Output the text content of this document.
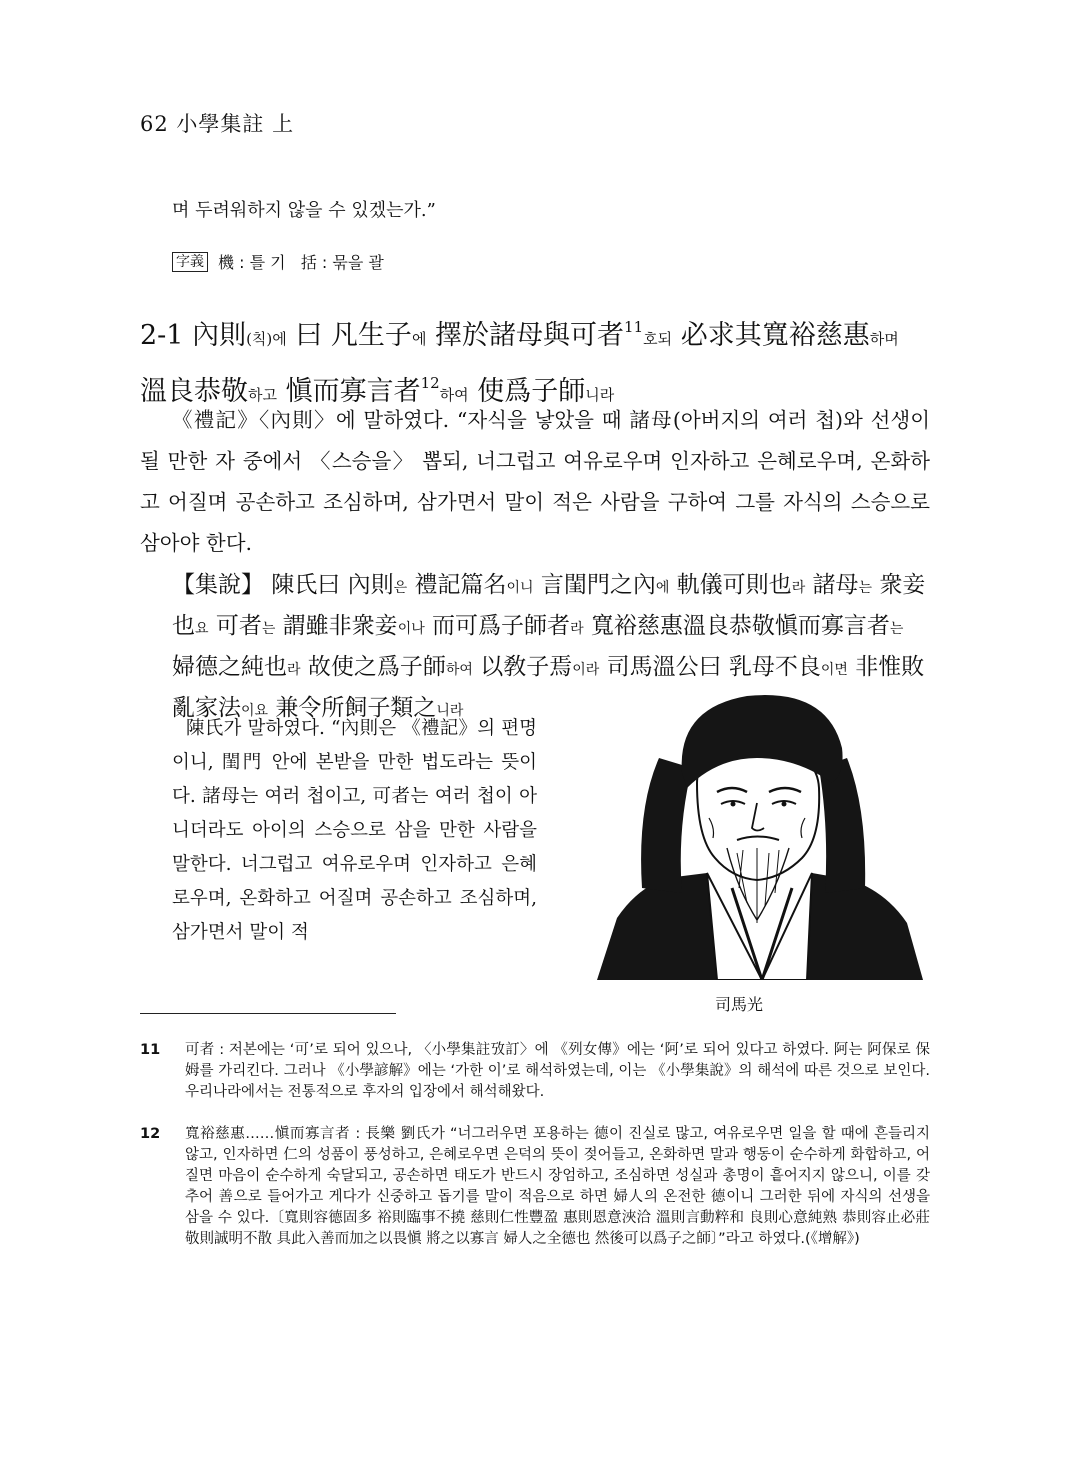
62 小學集註 上
며 두려워하지 않을 수 있겠는가.”
字義 機 : 틀 기   括 : 묶을 괄
2-1 內則(칙)에 曰 凡生子에 擇於諸母與可者$^{11}$호되 必求其寬裕慈惠하며 溫良恭敬하고 愼而寡言者$^{12}$하여 使爲子師니라
《禮記》〈內則〉에 말하였다. “자식을 낳았을 때 諸母(아버지의 여러 첩)와 선생이 될 만한 자 중에서 〈스승을〉 뽑되, 너그럽고 여유로우며 인자하고 은혜로우며, 온화하고 어질며 공손하고 조심하며, 삼가면서 말이 적은 사람을 구하여 그를 자식의 스승으로 삼아야 한다.
【集說】 陳氏曰 內則은 禮記篇名이니 言閨門之內에 軌儀可則也라 諸母는 衆妾也요 可者는 謂雖非衆妾이나 而可爲子師者라 寬裕慈惠溫良恭敬愼而寡言者는 婦德之純也라 故使之爲子師하여 以敎子焉이라 司馬溫公曰 乳母不良이면 非惟敗亂家法이요 兼令所飼子類之니라
陳氏가 말하였다. “內則은 《禮記》의 편명이니, 閨門 안에 본받을 만한 법도라는 뜻이다. 諸母는 여러 첩이고, 可者는 여러 첩이 아니더라도 아이의 스승으로 삼을 만한 사람을 말한다. 너그럽고 여유로우며 인자하고 은혜로우며, 온화하고 어질며 공손하고 조심하며, 삼가면서 말이 적
司馬光
11	可者 : 저본에는 ‘可’로 되어 있으나, 〈小學集註攷訂〉에 《列女傳》에는 ‘阿’로 되어 있다고 하였다. 阿는 阿保로 保姆를 가리킨다. 그러나 《小學諺解》에는 ‘가한 이’로 해석하였는데, 이는 《小學集說》의 해석에 따른 것으로 보인다. 우리나라에서는 전통적으로 후자의 입장에서 해석해왔다.
12	寬裕慈惠……愼而寡言者 : 長樂 劉氏가 “너그러우면 포용하는 德이 진실로 많고, 여유로우면 일을 할 때에 흔들리지 않고, 인자하면 仁의 성품이 풍성하고, 은혜로우면 은덕의 뜻이 젖어들고, 온화하면 말과 행동이 순수하게 화합하고, 어질면 마음이 순수하게 숙달되고, 공손하면 태도가 반드시 장엄하고, 조심하면 성실과 총명이 흩어지지 않으니, 이를 갖추어 善으로 들어가고 게다가 신중하고 돕기를 말이 적음으로 하면 婦人의 온전한 德이니 그러한 뒤에 자식의 선생을 삼을 수 있다.〔寬則容德固多 裕則臨事不撓 慈則仁性豐盈 惠則恩意浹洽 溫則言動粹和 良則心意純熟 恭則容止必莊 敬則誠明不散 具此入善而加之以畏愼 將之以寡言 婦人之全德也 然後可以爲子之師〕”라고 하였다.(《增解》)
